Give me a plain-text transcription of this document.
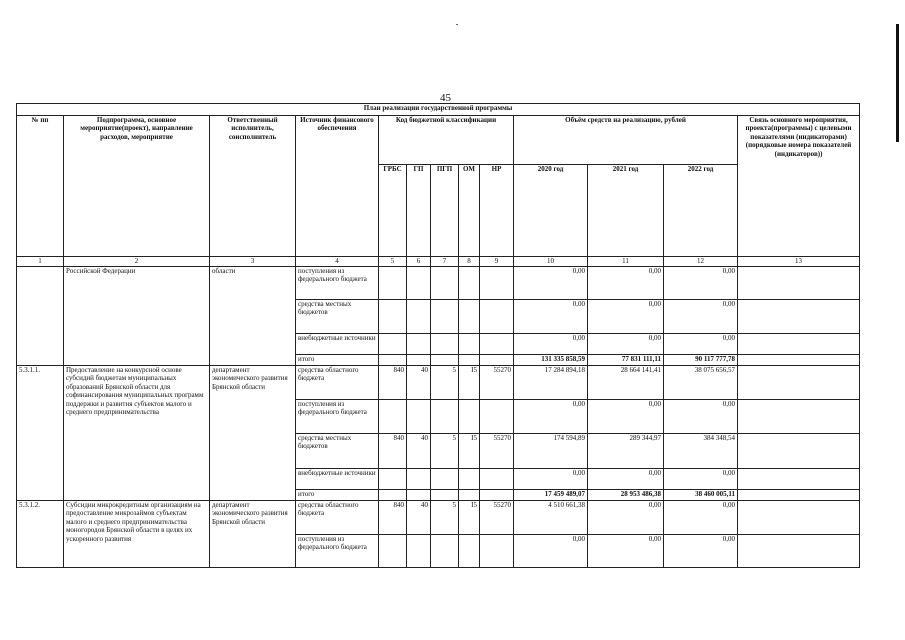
45
План реализации государственной программы												
№ пп	Подпрограмма, основное мероприятие(проект), направление расходов, мероприятие	Ответственный исполнитель, соисполнитель	Источник финансового обеспечения	Код бюджетной классификации					Объём средств на реализацию, рублей			Связь основного мероприятия, проекта(программы) с целевыми показателями (индикаторами) (порядковые номера показателей (индикаторов))
				ГРБС	ГП	ПГП	ОМ	НР	2020 год	2021 год	2022 год	
1	2	3	4	5	6	7	8	9	10	11	12	13
	Российской Федерации	области	поступления из федерального бюджета						0,00	0,00	0,00	
			средства местных бюджетов						0,00	0,00	0,00	
			внебюджетные источники						0,00	0,00	0,00	
			итого						131 335 858,59	77 831 111,11	90 117 777,78	
5.3.1.1.	Предоставление на конкурсной основе субсидий бюджетам муниципальных образований Брянской области для софинансирования муниципальных программ поддержки и развития субъектов малого и среднего предпринимательства	департамент экономического развития Брянской области	средства областного бюджета	840	40	5	I5	55270	17 284 894,18	28 664 141,41	38 075 656,57	
			поступления из федерального бюджета						0,00	0,00	0,00	
			средства местных бюджетов	840	40	5	I5	55270	174 594,89	289 344,97	384 348,54	
			внебюджетные источники						0,00	0,00	0,00	
			итого						17 459 489,07	28 953 486,38	38 460 005,11	
5.3.1.2.	Субсидии микрокредитным организациям на предоставление микрозаймов субъектам малого и среднего предпринимательства моногородов Брянской области в целях их ускоренного развития	департамент экономического развития Брянской области	средства областного бюджета	840	40	5	I5	55270	4 510 661,38	0,00	0,00	
			поступления из федерального бюджета						0,00	0,00	0,00	
